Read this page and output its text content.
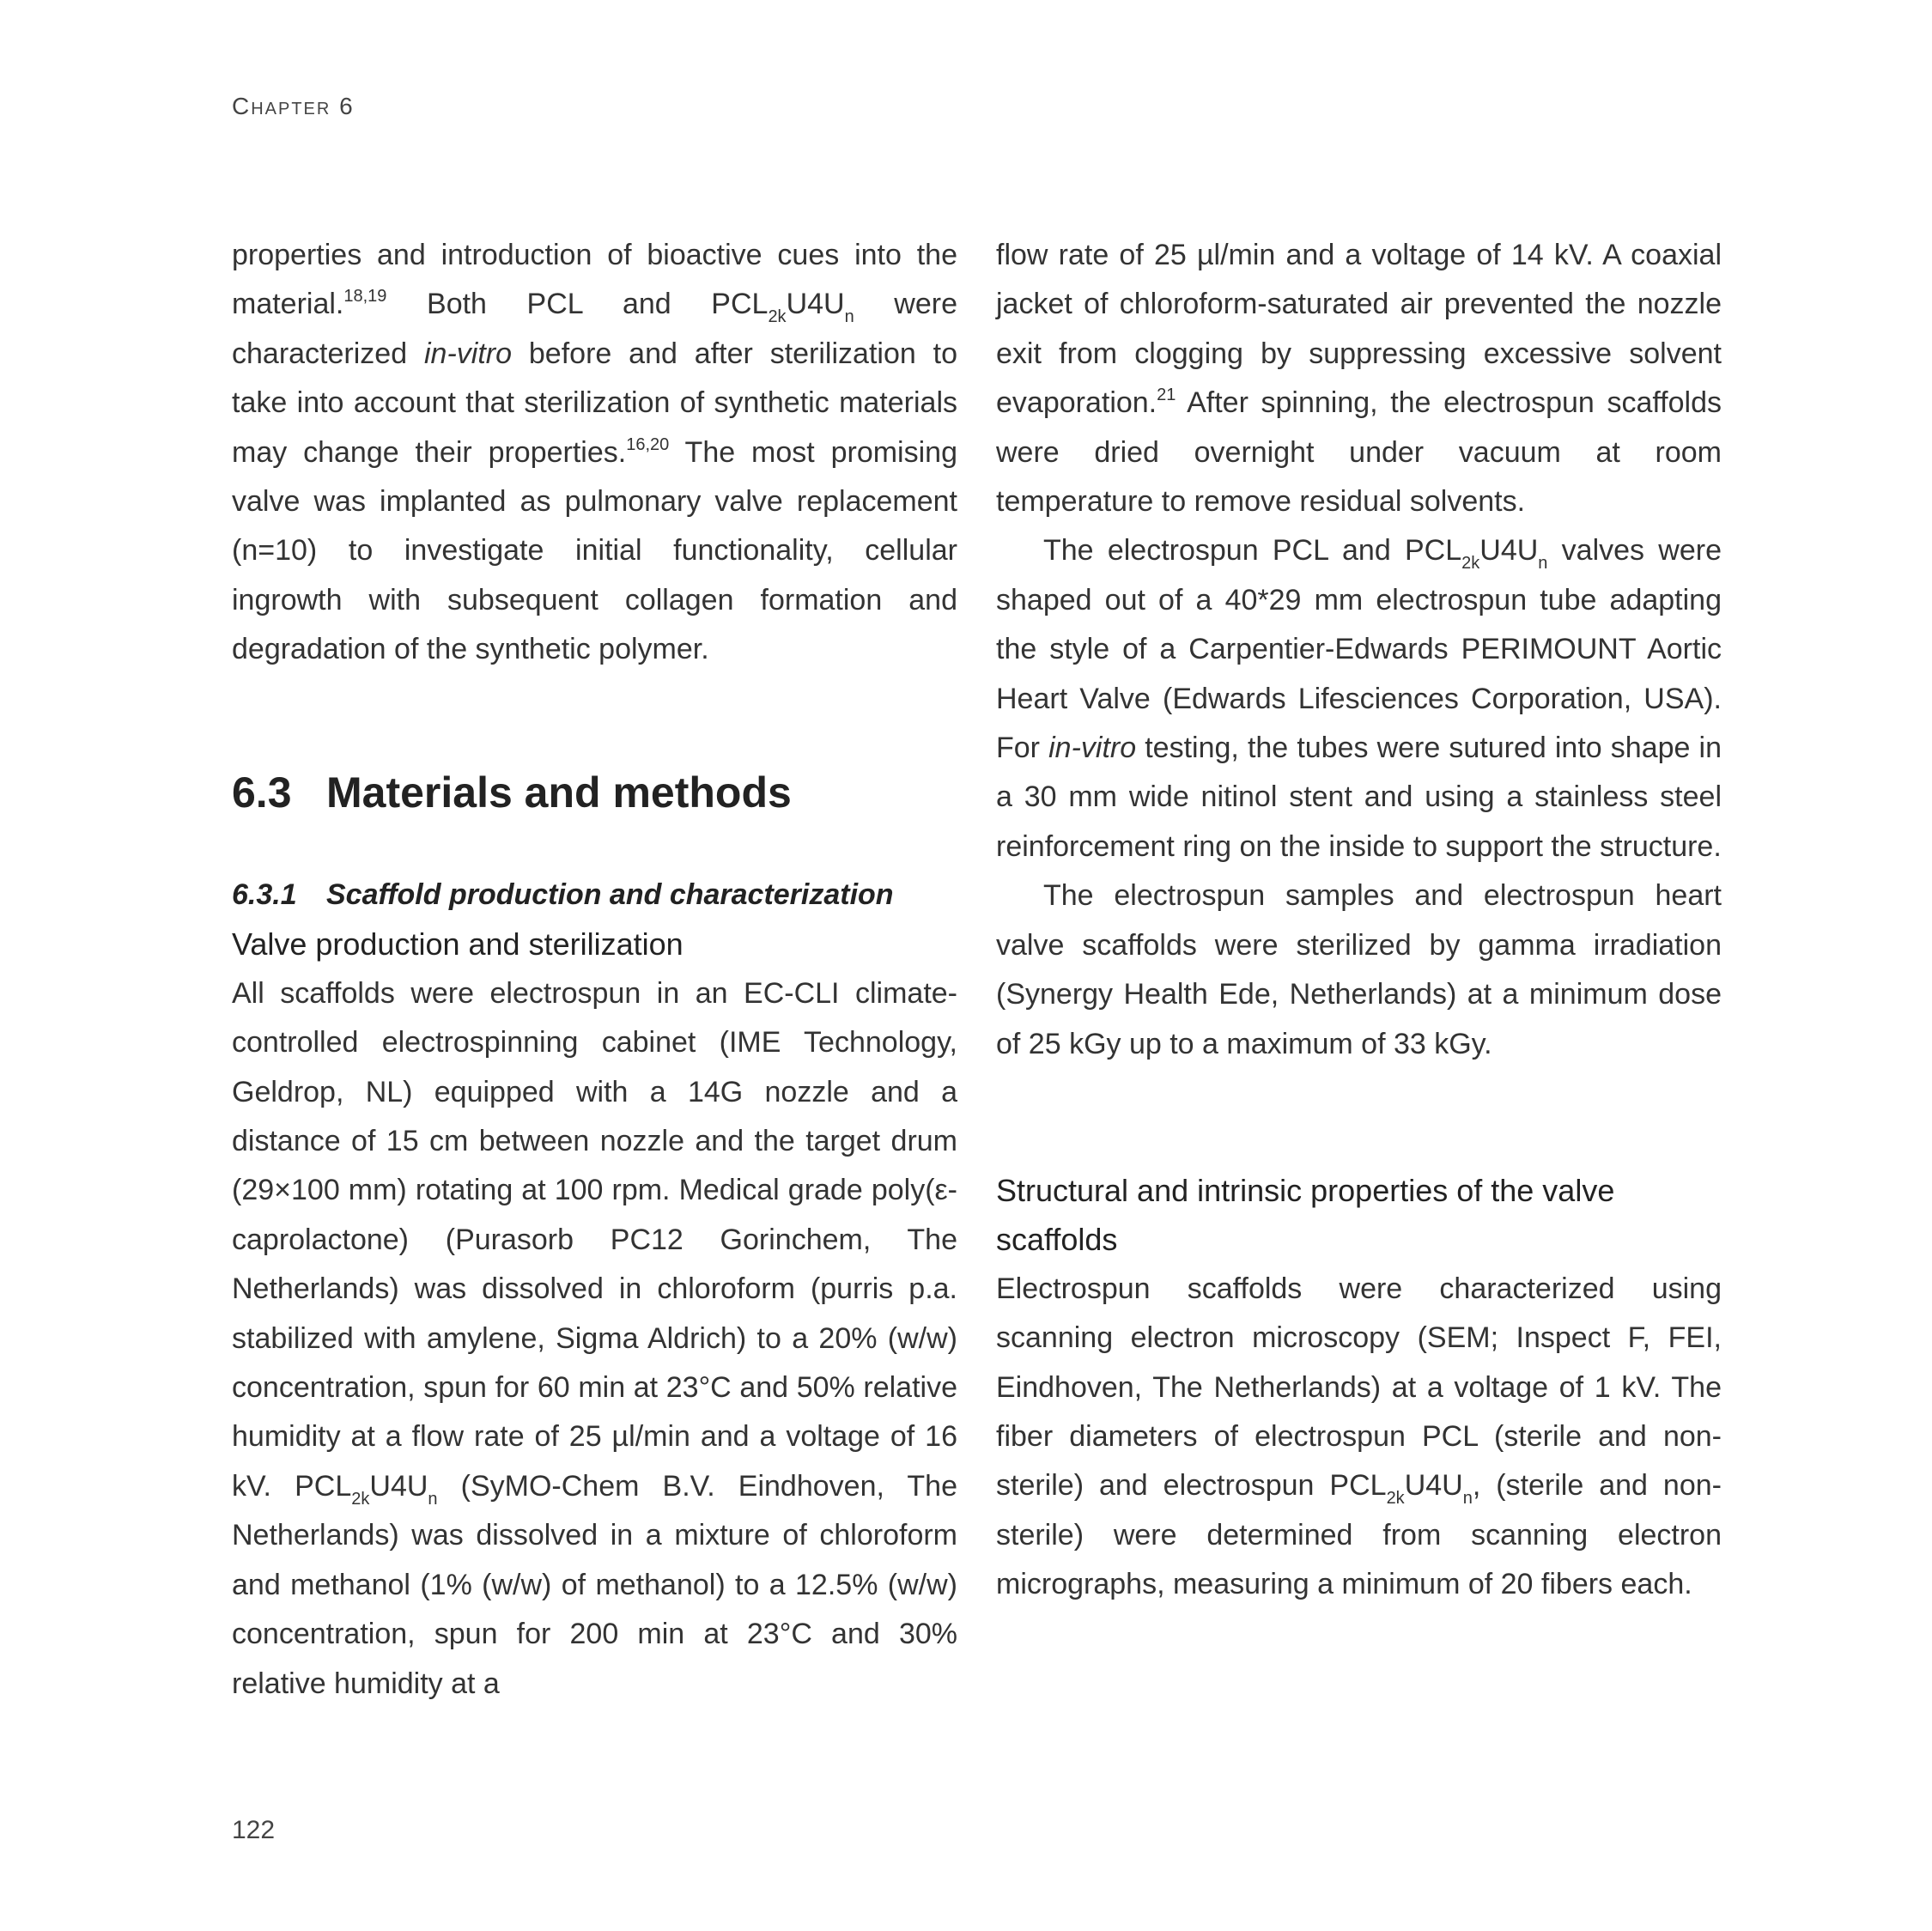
Chapter 6

properties and introduction of bioactive cues into the material.$^{18,19}$ Both PCL and $PCL_{2k}U4U_n$ were characterized in-vitro before and after sterilization to take into account that sterilization of synthetic materials may change their properties.$^{16,20}$ The most promising valve was implanted as pulmonary valve replacement (n=10) to investigate initial functionality, cellular ingrowth with subsequent collagen formation and degradation of the synthetic polymer.

6.3 Materials and methods
6.3.1 Scaffold production and characterization
Valve production and sterilization

All scaffolds were electrospun in an EC-CLI climate-controlled electrospinning cabinet (IME Technology, Geldrop, NL) equipped with a 14G nozzle and a distance of 15 cm between nozzle and the target drum (29×100 mm) rotating at 100 rpm. Medical grade poly(ε-caprolactone) (Purasorb PC12 Gorinchem, The Netherlands) was dissolved in chloroform (purris p.a. stabilized with amylene, Sigma Aldrich) to a 20% (w/w) concentration, spun for 60 min at 23°C and 50% relative humidity at a flow rate of 25 µl/min and a voltage of 16 kV. $PCL_{2k}U4U_n$ (SyMO-Chem B.V. Eindhoven, The Netherlands) was dissolved in a mixture of chloroform and methanol (1% (w/w) of methanol) to a 12.5% (w/w) concentration, spun for 200 min at 23°C and 30% relative humidity at a

flow rate of 25 µl/min and a voltage of 14 kV. A coaxial jacket of chloroform-saturated air prevented the nozzle exit from clogging by suppressing excessive solvent evaporation.$^{21}$ After spinning, the electrospun scaffolds were dried overnight under vacuum at room temperature to remove residual solvents.

The electrospun PCL and $PCL_{2k}U4U_n$ valves were shaped out of a 40*29 mm electrospun tube adapting the style of a Carpentier-Edwards PERIMOUNT Aortic Heart Valve (Edwards Lifesciences Corporation, USA). For in-vitro testing, the tubes were sutured into shape in a 30 mm wide nitinol stent and using a stainless steel reinforcement ring on the inside to support the structure.

The electrospun samples and electrospun heart valve scaffolds were sterilized by gamma irradiation (Synergy Health Ede, Netherlands) at a minimum dose of 25 kGy up to a maximum of 33 kGy.

Structural and intrinsic properties of the valve scaffolds

Electrospun scaffolds were characterized using scanning electron microscopy (SEM; Inspect F, FEI, Eindhoven, The Netherlands) at a voltage of 1 kV. The fiber diameters of electrospun PCL (sterile and non-sterile) and electrospun $PCL_{2k}U4U_n$, (sterile and non-sterile) were determined from scanning electron micrographs, measuring a minimum of 20 fibers each.

122
